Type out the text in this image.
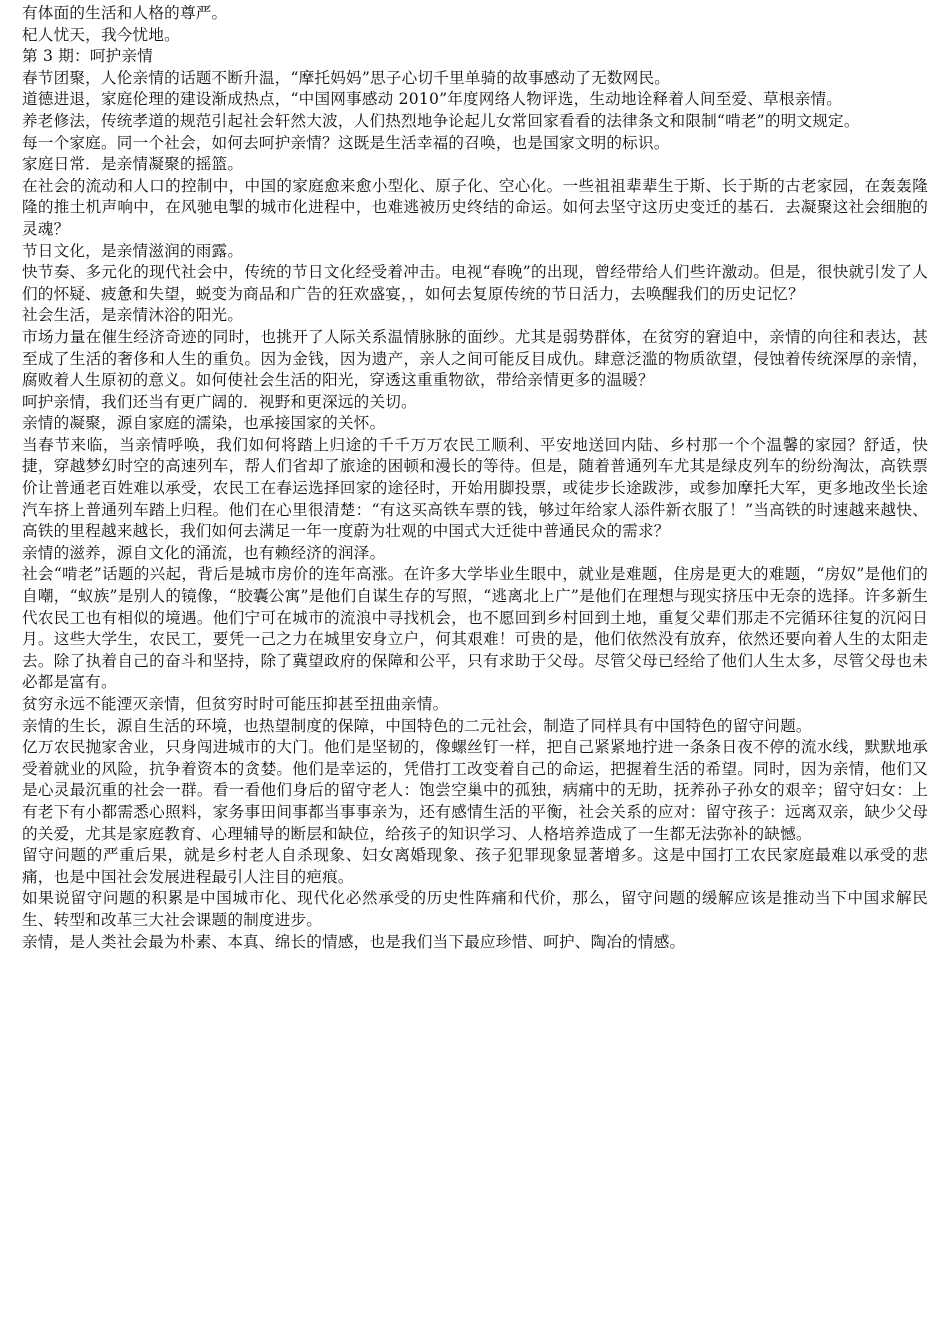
有体面的生活和人格的尊严。

杞人忧天，我今忧地。

第 3 期：呵护亲情

春节团聚，人伦亲情的话题不断升温，“摩托妈妈”思子心切千里单骑的故事感动了无数网民。

道德进退，家庭伦理的建设渐成热点，“中国网事感动 2010”年度网络人物评选，生动地诠释着人间至爱、草根亲情。

养老修法，传统孝道的规范引起社会轩然大波，人们热烈地争论起儿女常回家看看的法律条文和限制“啃老”的明文规定。

每一个家庭。同一个社会，如何去呵护亲情？这既是生活幸福的召唤，也是国家文明的标识。

家庭日常．是亲情凝聚的摇篮。

在社会的流动和人口的控制中，中国的家庭愈来愈小型化、原子化、空心化。一些祖祖辈辈生于斯、长于斯的古老家园，在轰轰隆隆的推土机声响中，在风驰电掣的城市化进程中，也难逃被历史终结的命运。如何去坚守这历史变迁的基石．去凝聚这社会细胞的灵魂？

节日文化，是亲情滋润的雨露。

快节奏、多元化的现代社会中，传统的节日文化经受着冲击。电视“春晚”的出现，曾经带给人们些许激动。但是，很快就引发了人们的怀疑、疲惫和失望，蜕变为商品和广告的狂欢盛宴，，如何去复原传统的节日活力，去唤醒我们的历史记忆？

社会生活，是亲情沐浴的阳光。

市场力量在催生经济奇迹的同时，也挑开了人际关系温情脉脉的面纱。尤其是弱势群体，在贫穷的窘迫中，亲情的向往和表达，甚至成了生活的奢侈和人生的重负。因为金钱，因为遗产，亲人之间可能反目成仇。肆意泛滥的物质欲望，侵蚀着传统深厚的亲情，腐败着人生原初的意义。如何使社会生活的阳光，穿透这重重物欲，带给亲情更多的温暖？

呵护亲情，我们还当有更广阔的．视野和更深远的关切。

亲情的凝聚，源自家庭的濡染，也承接国家的关怀。

当春节来临，当亲情呼唤，我们如何将踏上归途的千千万万农民工顺利、平安地送回内陆、乡村那一个个温馨的家园？舒适，快捷，穿越梦幻时空的高速列车，帮人们省却了旅途的困顿和漫长的等待。但是，随着普通列车尤其是绿皮列车的纷纷淘汰，高铁票价让普通老百姓难以承受，农民工在春运选择回家的途径时，开始用脚投票，或徒步长途跋涉，或参加摩托大军，更多地改坐长途汽车挤上普通列车踏上归程。他们在心里很清楚：“有这买高铁车票的钱，够过年给家人添件新衣服了！”当高铁的时速越来越快、高铁的里程越来越长，我们如何去满足一年一度蔚为壮观的中国式大迁徙中普通民众的需求？

亲情的滋养，源自文化的涌流，也有赖经济的润泽。

社会“啃老”话题的兴起，背后是城市房价的连年高涨。在许多大学毕业生眼中，就业是难题，住房是更大的难题，“房奴”是他们的自嘲，“蚁族”是别人的镜像，“胶囊公寓”是他们自谋生存的写照，“逃离北上广”是他们在理想与现实挤压中无奈的选择。许多新生代农民工也有相似的境遇。他们宁可在城市的流浪中寻找机会，也不愿回到乡村回到土地，重复父辈们那走不完循环往复的沉闷日月。这些大学生，农民工，要凭一己之力在城里安身立户，何其艰难！可贵的是，他们依然没有放弃，依然还要向着人生的太阳走去。除了执着自己的奋斗和坚持，除了冀望政府的保障和公平，只有求助于父母。尽管父母已经给了他们人生太多，尽管父母也未必都是富有。

贫穷永远不能湮灭亲情，但贫穷时时可能压抑甚至扭曲亲情。

亲情的生长，源自生活的环境，也热望制度的保障，中国特色的二元社会，制造了同样具有中国特色的留守问题。

亿万农民抛家舍业，只身闯进城市的大门。他们是坚韧的，像螺丝钉一样，把自己紧紧地拧进一条条日夜不停的流水线，默默地承受着就业的风险，抗争着资本的贪婪。他们是幸运的，凭借打工改变着自己的命运，把握着生活的希望。同时，因为亲情，他们又是心灵最沉重的社会一群。看一看他们身后的留守老人：饱尝空巢中的孤独，病痛中的无助，抚养孙子孙女的艰辛；留守妇女：上有老下有小都需悉心照料，家务事田间事都当事事亲为，还有感情生活的平衡，社会关系的应对：留守孩子：远离双亲，缺少父母的关爱，尤其是家庭教育、心理辅导的断层和缺位，给孩子的知识学习、人格培养造成了一生都无法弥补的缺憾。

留守问题的严重后果，就是乡村老人自杀现象、妇女离婚现象、孩子犯罪现象显著增多。这是中国打工农民家庭最难以承受的悲痛，也是中国社会发展进程最引人注目的疤痕。

如果说留守问题的积累是中国城市化、现代化必然承受的历史性阵痛和代价，那么，留守问题的缓解应该是推动当下中国求解民生、转型和改革三大社会课题的制度进步。

亲情，是人类社会最为朴素、本真、绵长的情感，也是我们当下最应珍惜、呵护、陶冶的情感。
